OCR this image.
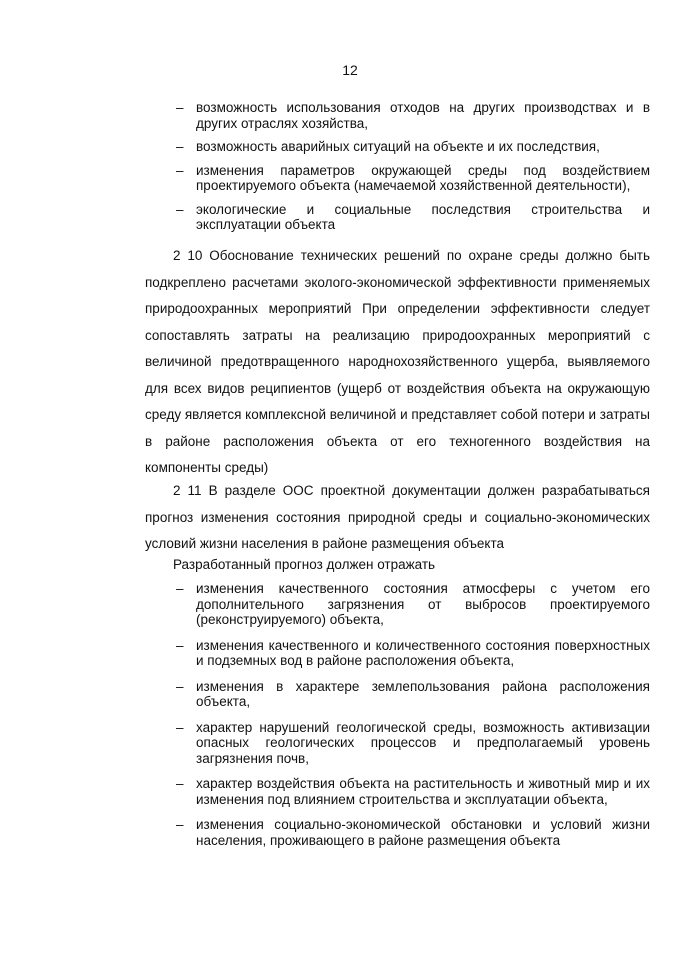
12
– возможность использования отходов на других производствах и в других отраслях хозяйства,
– возможность аварийных ситуаций на объекте и их последствия,
– изменения параметров окружающей среды под воздействием проектируемого объекта (намечаемой хозяйственной деятельности),
– экологические и социальные последствия строительства и эксплуатации объекта

2 10 Обоснование технических решений по охране среды должно быть подкреплено расчетами эколого-экономической эффективности применяемых природоохранных мероприятий При определении эффективности следует сопоставлять затраты на реализацию природоохранных мероприятий с величиной предотвращенного народнохозяйственного ущерба, выявляемого для всех видов реципиентов (ущерб от воздействия объекта на окружающую среду является комплексной величиной и представляет собой потери и затраты в районе расположения объекта от его техногенного воздействия на компоненты среды)

2 11 В разделе ООС проектной документации должен разрабатываться прогноз изменения состояния природной среды и социально-экономических условий жизни населения в районе размещения объекта

Разработанный прогноз должен отражать
– изменения качественного состояния атмосферы с учетом его дополнительного загрязнения от выбросов проектируемого (реконструируемого) объекта,
– изменения качественного и количественного состояния поверхностных и подземных вод в районе расположения объекта,
– изменения в характере землепользования района расположения объекта,
– характер нарушений геологической среды, возможность активизации опасных геологических процессов и предполагаемый уровень загрязнения почв,
– характер воздействия объекта на растительность и животный мир и их изменения под влиянием строительства и эксплуатации объекта,
– изменения социально-экономической обстановки и условий жизни населения, проживающего в районе размещения объекта
